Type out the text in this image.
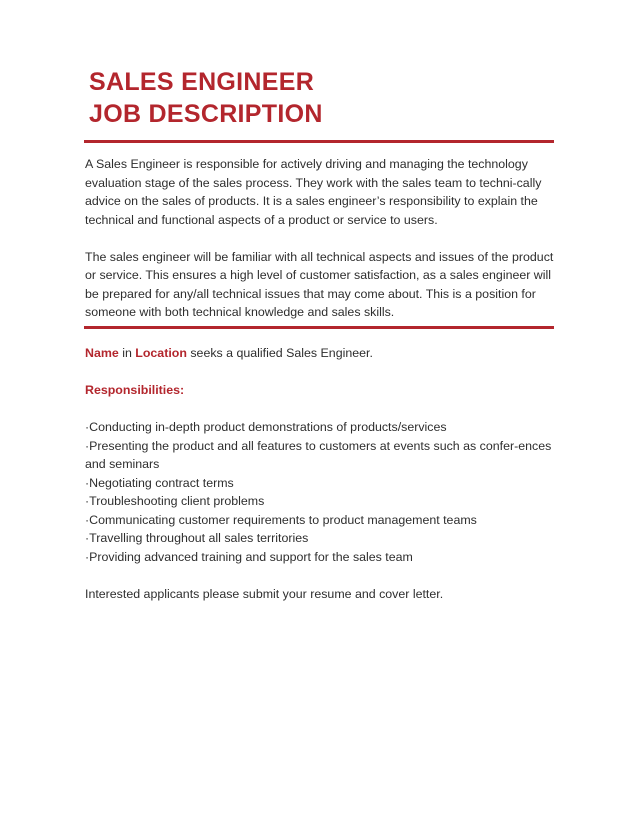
SALES ENGINEER
JOB DESCRIPTION

A Sales Engineer is responsible for actively driving and managing the technology evaluation stage of the sales process. They work with the sales team to techni-cally advice on the sales of products. It is a sales engineer’s responsibility to explain the technical and functional aspects of a product or service to users.

The sales engineer will be familiar with all technical aspects and issues of the product or service. This ensures a high level of customer satisfaction, as a sales engineer will be prepared for any/all technical issues that may come about. This is a position for someone with both technical knowledge and sales skills.

Name in Location seeks a qualified Sales Engineer.

Responsibilities:

·Conducting in-depth product demonstrations of products/services
·Presenting the product and all features to customers at events such as confer-ences and seminars
·Negotiating contract terms
·Troubleshooting client problems
·Communicating customer requirements to product management teams
·Travelling throughout all sales territories
·Providing advanced training and support for the sales team

Interested applicants please submit your resume and cover letter.
